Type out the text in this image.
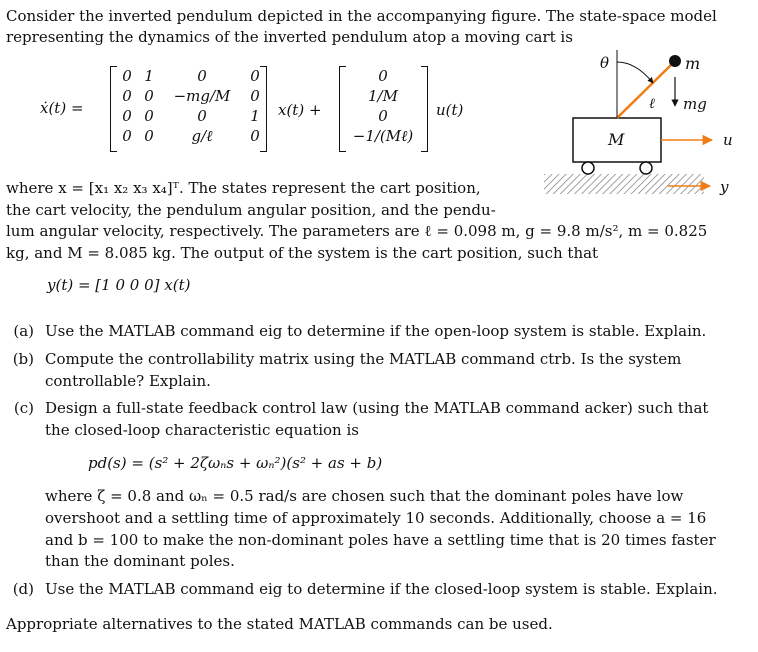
Consider the inverted pendulum depicted in the accompanying figure. The state-space model
representing the dynamics of the inverted pendulum atop a moving cart is
ẋ(t) =
0 1	0	0
0 0 −mg/M 0
0 0	0	1
0 0	g/ℓ	0
x(t) +
0
1/M
0
−1/(Mℓ)
u(t)
θ	m
ℓ mg
M	u
y
where x = [x₁ x₂ x₃ x₄]ᵀ. The states represent the cart position,
the cart velocity, the pendulum angular position, and the pendu-
lum angular velocity, respectively. The parameters are ℓ = 0.098 m, g = 9.8 m/s², m = 0.825
kg, and M = 8.085 kg. The output of the system is the cart position, such that
y(t) = [1 0 0 0] x(t)
(a) Use the MATLAB command eig to determine if the open-loop system is stable. Explain.
(b) Compute the controllability matrix using the MATLAB command ctrb. Is the system
controllable? Explain.
(c) Design a full-state feedback control law (using the MATLAB command acker) such that
the closed-loop characteristic equation is
pd(s) = (s² + 2ζωₙs + ωₙ²)(s² + as + b)
where ζ = 0.8 and ωₙ = 0.5 rad/s are chosen such that the dominant poles have low
overshoot and a settling time of approximately 10 seconds. Additionally, choose a = 16
and b = 100 to make the non-dominant poles have a settling time that is 20 times faster
than the dominant poles.
(d) Use the MATLAB command eig to determine if the closed-loop system is stable. Explain.
Appropriate alternatives to the stated MATLAB commands can be used.
